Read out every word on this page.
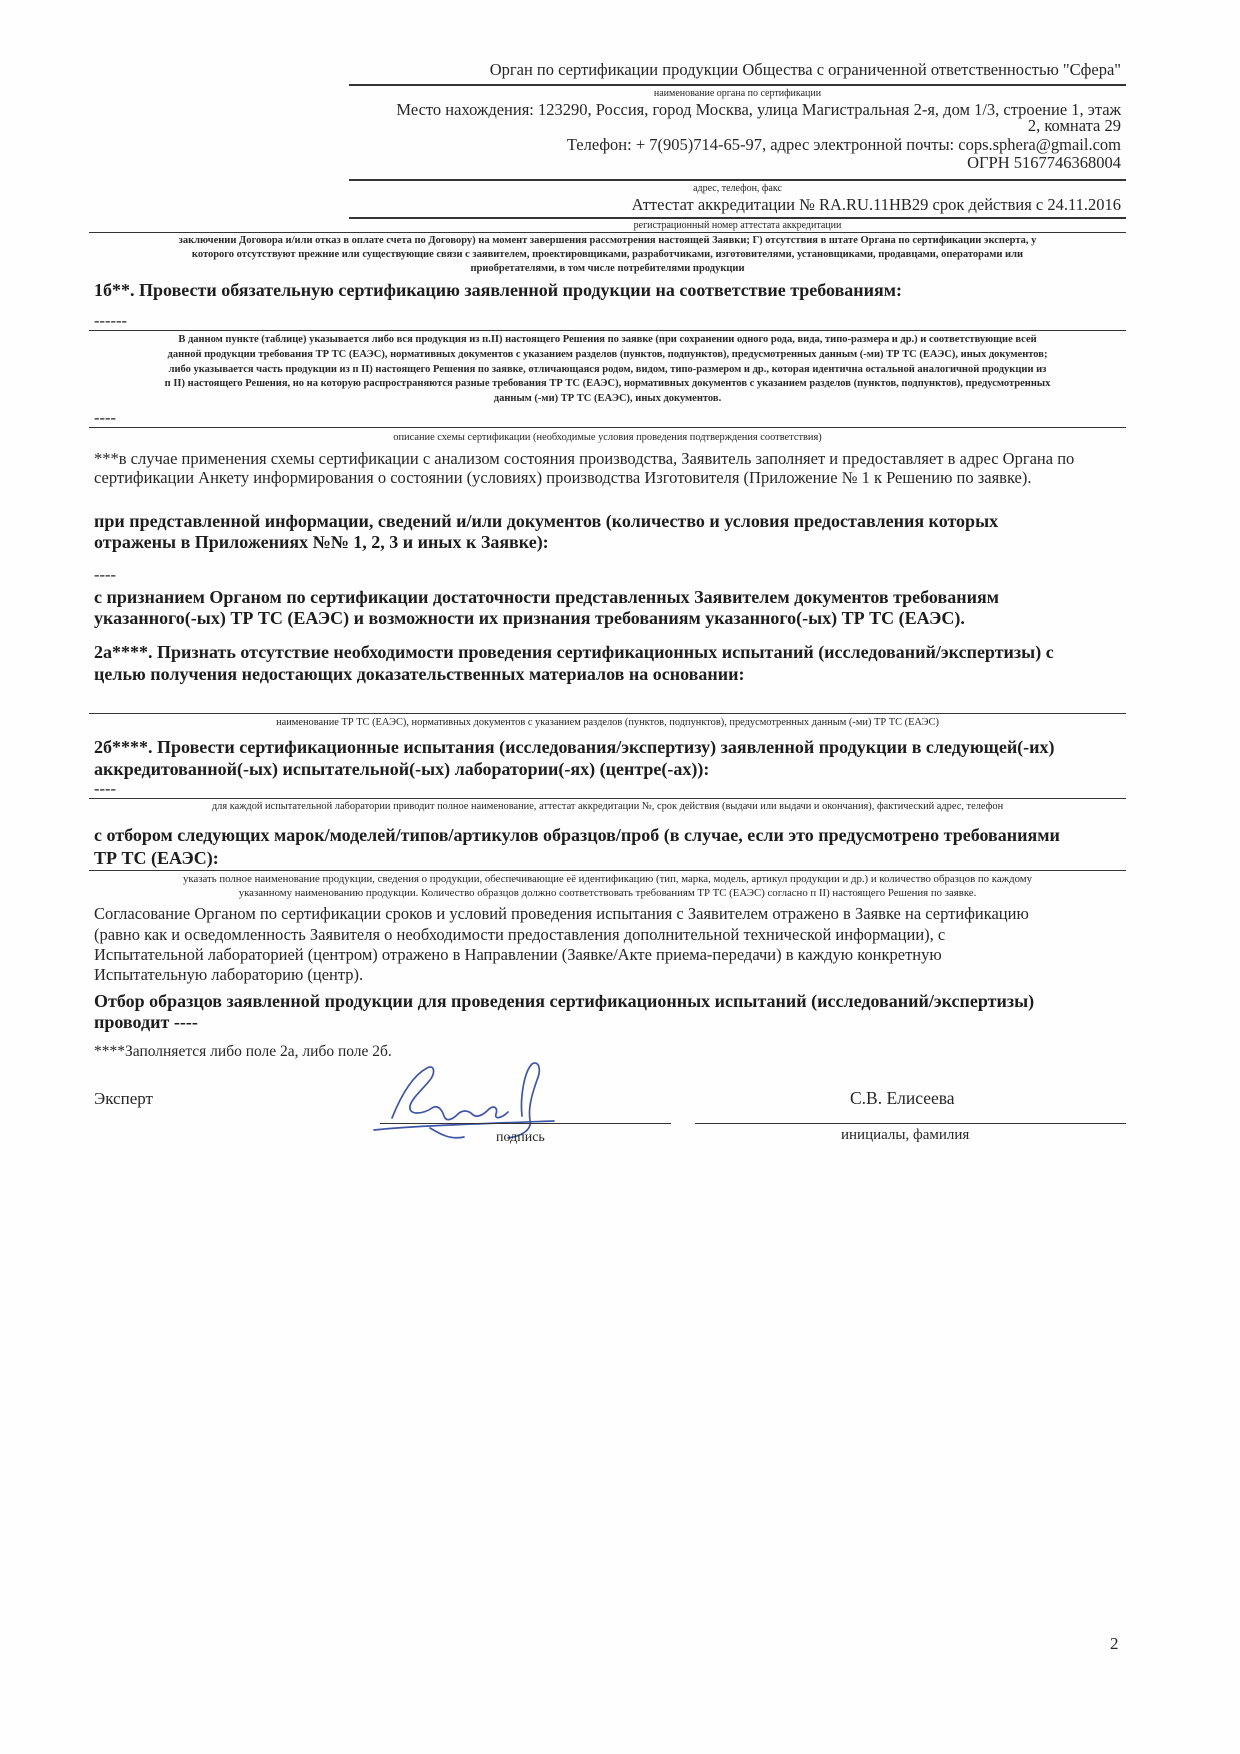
Орган по сертификации продукции Общества с ограниченной ответственностью "Сфера"
наименование органа по сертификации
Место нахождения: 123290, Россия, город Москва, улица Магистральная 2-я, дом 1/3, строение 1, этаж
2, комната 29
Телефон: + 7(905)714-65-97, адрес электронной почты: cops.sphera@gmail.com
ОГРН 5167746368004
адрес, телефон, факс
Аттестат аккредитации № RA.RU.11НВ29 срок действия с 24.11.2016
регистрационный номер аттестата аккредитации
заключении Договора и/или отказ в оплате счета по Договору) на момент завершения рассмотрения настоящей Заявки; Г) отсутствия в штате Органа по сертификации эксперта, у
которого отсутствуют прежние или существующие связи с заявителем, проектировщиками, разработчиками, изготовителями, установщиками, продавцами, операторами или
приобретателями, в том числе потребителями продукции
1б**. Провести обязательную сертификацию заявленной продукции на соответствие требованиям:
------
В данном пункте (таблице) указывается либо вся продукция из п.II) настоящего Решения по заявке (при сохранении одного рода, вида, типо-размера и др.) и соответствующие всей
данной продукции требования ТР ТС (ЕАЭС), нормативных документов с указанием разделов (пунктов, подпунктов), предусмотренных данным (-ми) ТР ТС (ЕАЭС), иных документов;
либо указывается часть продукции из п II) настоящего Решения по заявке, отличающаяся родом, видом, типо-размером и др., которая идентична остальной аналогичной продукции из
п II) настоящего Решения, но на которую распространяются разные требования ТР ТС (ЕАЭС), нормативных документов с указанием разделов (пунктов, подпунктов), предусмотренных
данным (-ми) ТР ТС (ЕАЭС), иных документов.
----
описание схемы сертификации (необходимые условия проведения подтверждения соответствия)
***в случае применения схемы сертификации с анализом состояния производства, Заявитель заполняет и предоставляет в адрес Органа по
сертификации Анкету информирования о состоянии (условиях) производства Изготовителя (Приложение № 1 к Решению по заявке).
при представленной информации, сведений и/или документов (количество и условия предоставления которых
отражены в Приложениях №№ 1, 2, 3 и иных к Заявке):
----
с признанием Органом по сертификации достаточности представленных Заявителем документов требованиям
указанного(-ых) ТР ТС (ЕАЭС) и возможности их признания требованиям указанного(-ых) ТР ТС (ЕАЭС).
2а****. Признать отсутствие необходимости проведения сертификационных испытаний (исследований/экспертизы) с
целью получения недостающих доказательственных материалов на основании:
наименование ТР ТС (ЕАЭС), нормативных документов с указанием разделов (пунктов, подпунктов), предусмотренных данным (-ми) ТР ТС (ЕАЭС)
2б****. Провести сертификационные испытания (исследования/экспертизу) заявленной продукции в следующей(-их)
аккредитованной(-ых) испытательной(-ых) лаборатории(-ях) (центре(-ах)):
----
для каждой испытательной лаборатории приводит полное наименование, аттестат аккредитации №, срок действия (выдачи или выдачи и окончания), фактический адрес, телефон
с отбором следующих марок/моделей/типов/артикулов образцов/проб (в случае, если это предусмотрено требованиями
ТР ТС (ЕАЭС):
указать полное наименование продукции, сведения о продукции, обеспечивающие её идентификацию (тип, марка, модель, артикул продукции и др.) и количество образцов по каждому
указанному наименованию продукции. Количество образцов должно соответствовать требованиям ТР ТС (ЕАЭС) согласно п II) настоящего Решения по заявке.
Согласование Органом по сертификации сроков и условий проведения испытания с Заявителем отражено в Заявке на сертификацию
(равно как и осведомленность Заявителя о необходимости предоставления дополнительной технической информации), с
Испытательной лабораторией (центром) отражено в Направлении (Заявке/Акте приема-передачи) в каждую конкретную
Испытательную лабораторию (центр).
Отбор образцов заявленной продукции для проведения сертификационных испытаний (исследований/экспертизы)
проводит ----
****Заполняется либо поле 2а, либо поле 2б.
Эксперт	С.В. Елисеева
подпись	инициалы, фамилия
2
